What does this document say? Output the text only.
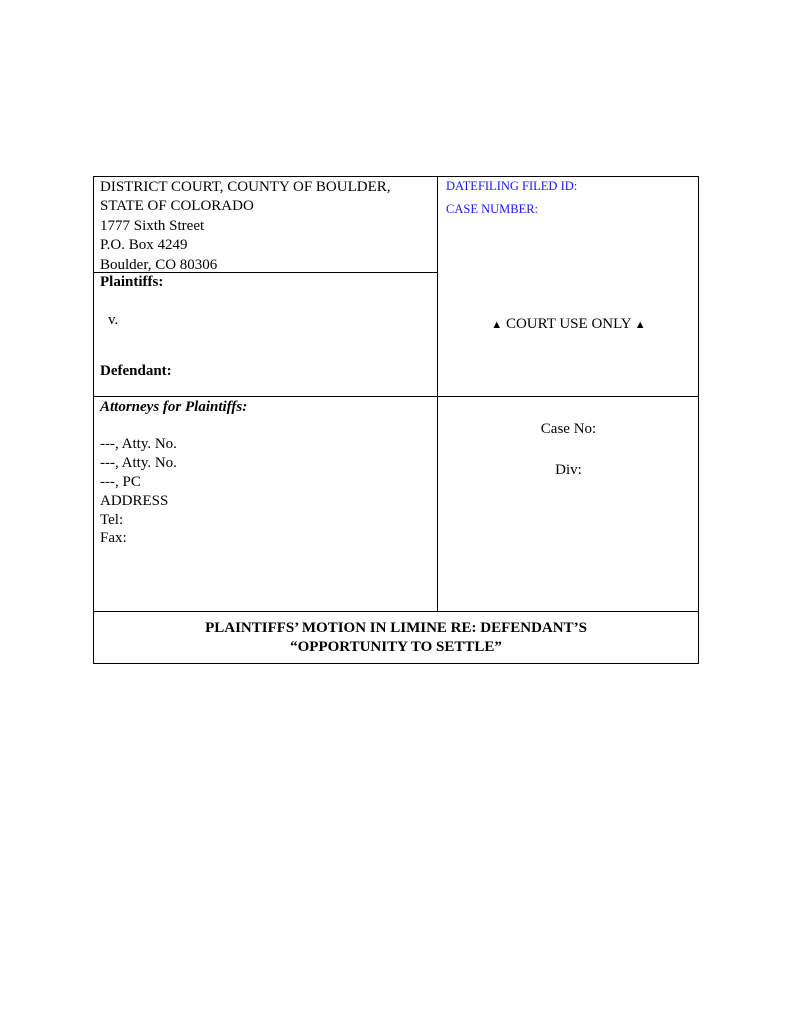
DISTRICT COURT, COUNTY OF BOULDER,
STATE OF COLORADO
1777 Sixth Street
P.O. Box 4249
Boulder, CO 80306
DATEFILING FILED ID:
CASE NUMBER:
Plaintiffs:
v.
Defendant:
▲ COURT USE ONLY ▲
Attorneys for Plaintiffs:
---, Atty. No.
---, Atty. No.
---, PC
ADDRESS
Tel:
Fax:
Case No:
Div:
PLAINTIFFS’ MOTION IN LIMINE RE: DEFENDANT’S
“OPPORTUNITY TO SETTLE”
